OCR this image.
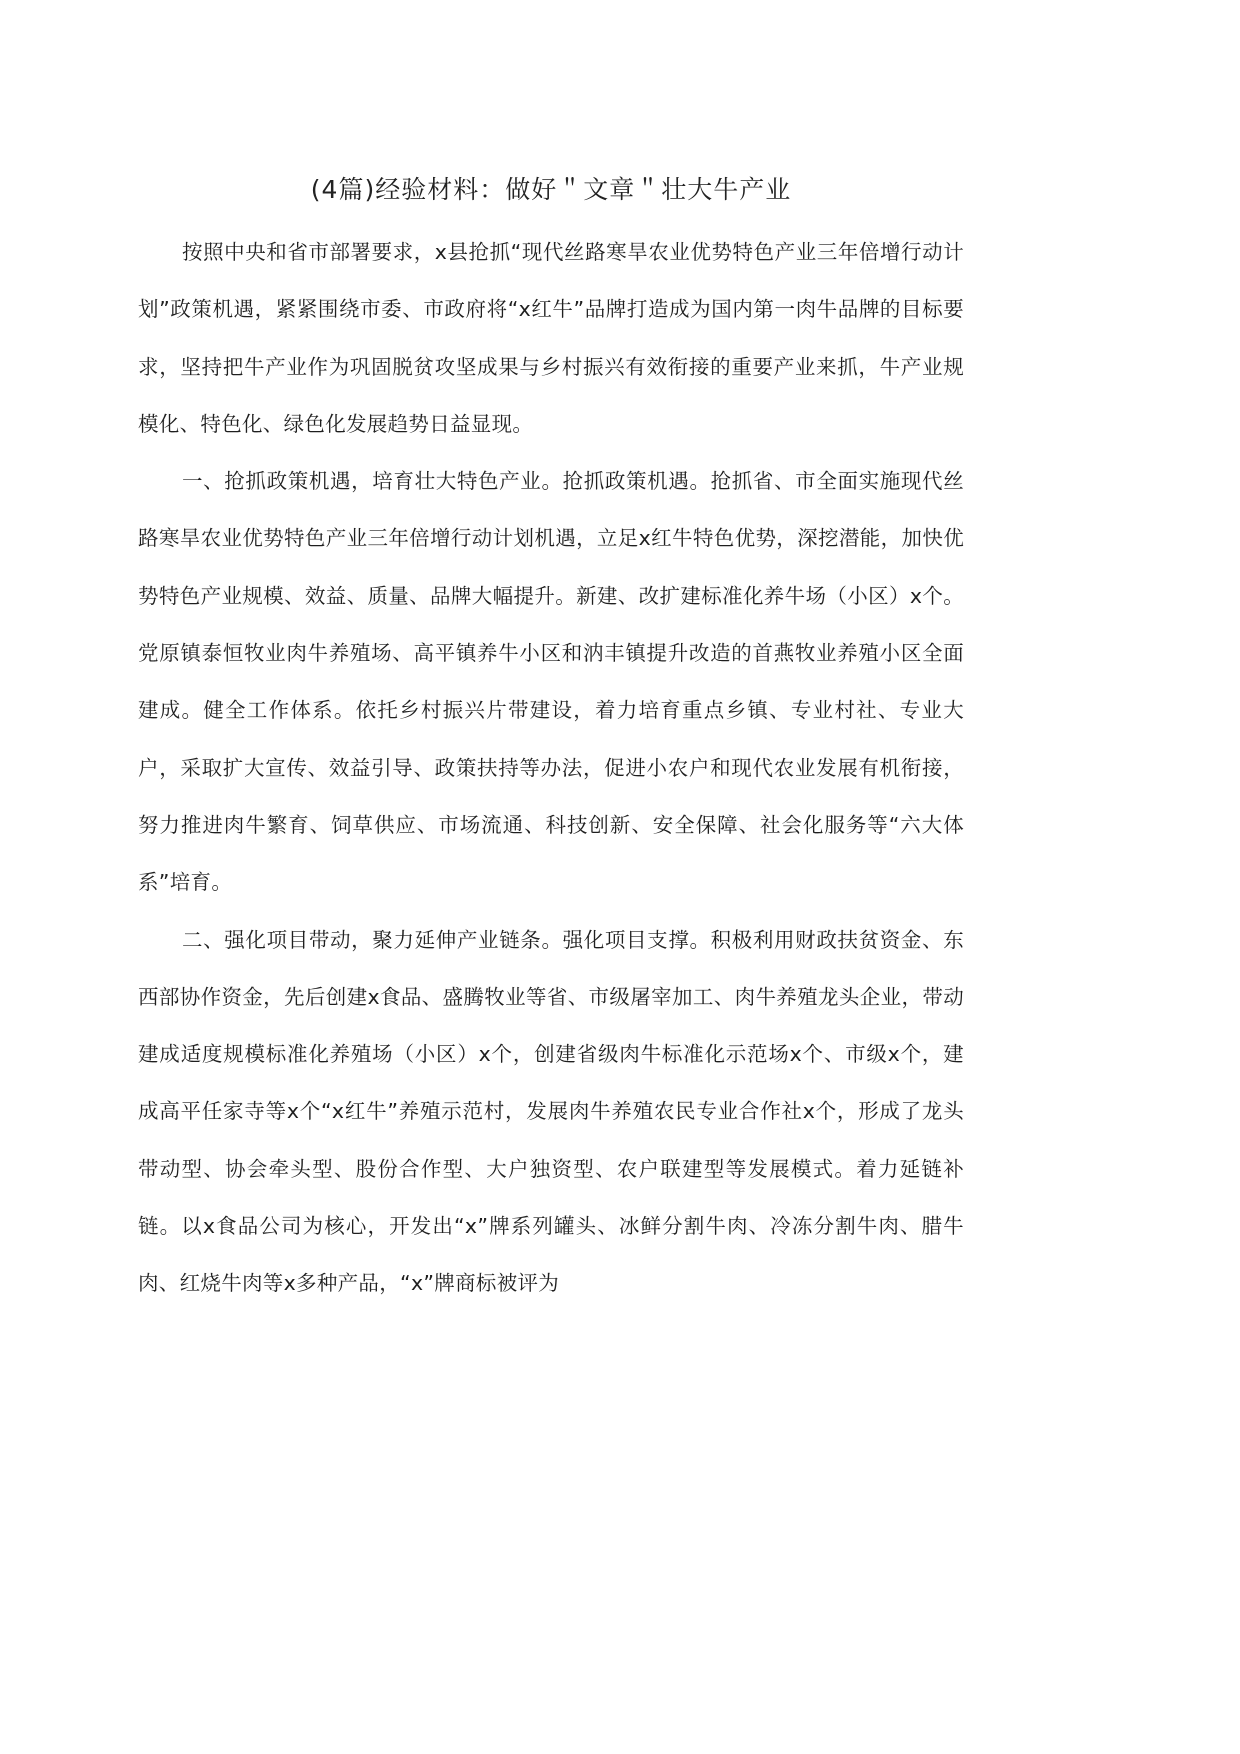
(4篇)经验材料：做好＂文章＂壮大牛产业

按照中央和省市部署要求，x县抢抓“现代丝路寒旱农业优势特色产业三年倍增行动计划”政策机遇，紧紧围绕市委、市政府将“x红牛”品牌打造成为国内第一肉牛品牌的目标要求，坚持把牛产业作为巩固脱贫攻坚成果与乡村振兴有效衔接的重要产业来抓，牛产业规模化、特色化、绿色化发展趋势日益显现。

一、抢抓政策机遇，培育壮大特色产业。抢抓政策机遇。抢抓省、市全面实施现代丝路寒旱农业优势特色产业三年倍增行动计划机遇，立足x红牛特色优势，深挖潜能，加快优势特色产业规模、效益、质量、品牌大幅提升。新建、改扩建标准化养牛场（小区）x个。党原镇泰恒牧业肉牛养殖场、高平镇养牛小区和汭丰镇提升改造的首燕牧业养殖小区全面建成。健全工作体系。依托乡村振兴片带建设，着力培育重点乡镇、专业村社、专业大户，采取扩大宣传、效益引导、政策扶持等办法，促进小农户和现代农业发展有机衔接，努力推进肉牛繁育、饲草供应、市场流通、科技创新、安全保障、社会化服务等“六大体系”培育。

二、强化项目带动，聚力延伸产业链条。强化项目支撑。积极利用财政扶贫资金、东西部协作资金，先后创建x食品、盛腾牧业等省、市级屠宰加工、肉牛养殖龙头企业，带动建成适度规模标准化养殖场（小区）x个，创建省级肉牛标准化示范场x个、市级x个，建成高平任家寺等x个“x红牛”养殖示范村，发展肉牛养殖农民专业合作社x个，形成了龙头带动型、协会牵头型、股份合作型、大户独资型、农户联建型等发展模式。着力延链补链。以x食品公司为核心，开发出“x”牌系列罐头、冰鲜分割牛肉、冷冻分割牛肉、腊牛肉、红烧牛肉等x多种产品，“x”牌商标被评为
